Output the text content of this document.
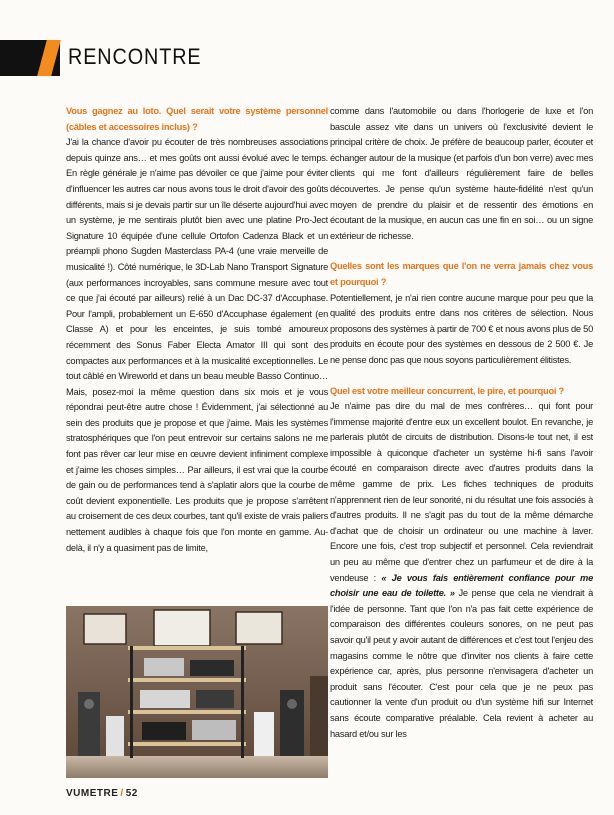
RENCONTRE

Vous gagnez au loto. Quel serait votre système personnel (câbles et accessoires inclus) ?

J'ai la chance d'avoir pu écouter de très nombreuses associations depuis quinze ans… et mes goûts ont aussi évolué avec le temps. En règle générale je n'aime pas dévoiler ce que j'aime pour éviter d'influencer les autres car nous avons tous le droit d'avoir des goûts différents, mais si je devais partir sur un île déserte aujourd'hui avec un système, je me sentirais plutôt bien avec une platine Pro-Ject Signature 10 équipée d'une cellule Ortofon Cadenza Black et un préampli phono Sugden Masterclass PA-4 (une vraie merveille de musicalité !). Côté numérique, le 3D-Lab Nano Transport Signature (aux performances incroyables, sans commune mesure avec tout ce que j'ai écouté par ailleurs) relié à un Dac DC-37 d'Accuphase. Pour l'ampli, probablement un E-650 d'Accuphase également (en Classe A) et pour les enceintes, je suis tombé amoureux récemment des Sonus Faber Electa Amator III qui sont des compactes aux performances et à la musicalité exceptionnelles. Le tout câblé en Wireworld et dans un beau meuble Basso Continuo… Mais, posez-moi la même question dans six mois et je vous répondrai peut-être autre chose ! Évidemment, j'ai sélectionné au sein des produits que je propose et que j'aime. Mais les systèmes stratosphériques que l'on peut entrevoir sur certains salons ne me font pas rêver car leur mise en œuvre devient infiniment complexe et j'aime les choses simples… Par ailleurs, il est vrai que la courbe de gain ou de performances tend à s'aplatir alors que la courbe de coût devient exponentielle. Les produits que je propose s'arrêtent au croisement de ces deux courbes, tant qu'il existe de vrais paliers nettement audibles à chaque fois que l'on monte en gamme. Au-delà, il n'y a quasiment pas de limite,

comme dans l'automobile ou dans l'horlogerie de luxe et l'on bascule assez vite dans un univers où l'exclusivité devient le principal critère de choix. Je préfère de beaucoup parler, écouter et échanger autour de la musique (et parfois d'un bon verre) avec mes clients qui me font d'ailleurs régulièrement faire de belles découvertes. Je pense qu'un système haute-fidélité n'est qu'un moyen de prendre du plaisir et de ressentir des émotions en écoutant de la musique, en aucun cas une fin en soi… ou un signe extérieur de richesse.

Quelles sont les marques que l'on ne verra jamais chez vous et pourquoi ?

Potentiellement, je n'ai rien contre aucune marque pour peu que la qualité des produits entre dans nos critères de sélection. Nous proposons des systèmes à partir de 700 € et nous avons plus de 50 produits en écoute pour des systèmes en dessous de 2 500 €. Je ne pense donc pas que nous soyons particulièrement élitistes.

Quel est votre meilleur concurrent, le pire, et pourquoi ?

Je n'aime pas dire du mal de mes confrères… qui font pour l'immense majorité d'entre eux un excellent boulot. En revanche, je parlerais plutôt de circuits de distribution. Disons-le tout net, il est impossible à quiconque d'acheter un système hi-fi sans l'avoir écouté en comparaison directe avec d'autres produits dans la même gamme de prix. Les fiches techniques de produits n'apprennent rien de leur sonorité, ni du résultat une fois associés à d'autres produits. Il ne s'agit pas du tout de la même démarche d'achat que de choisir un ordinateur ou une machine à laver. Encore une fois, c'est trop subjectif et personnel. Cela reviendrait un peu au même que d'entrer chez un parfumeur et de dire à la vendeuse : « Je vous fais entièrement confiance pour me choisir une eau de toilette. » Je pense que cela ne viendrait à l'idée de personne. Tant que l'on n'a pas fait cette expérience de comparaison des différentes couleurs sonores, on ne peut pas savoir qu'il peut y avoir autant de différences et c'est tout l'enjeu des magasins comme le nôtre que d'inviter nos clients à faire cette expérience car, après, plus personne n'envisagera d'acheter un produit sans l'écouter. C'est pour cela que je ne peux pas cautionner la vente d'un produit ou d'un système hifi sur Internet sans écoute comparative préalable. Cela revient à acheter au hasard et/ou sur les

VUMETRE / 52
